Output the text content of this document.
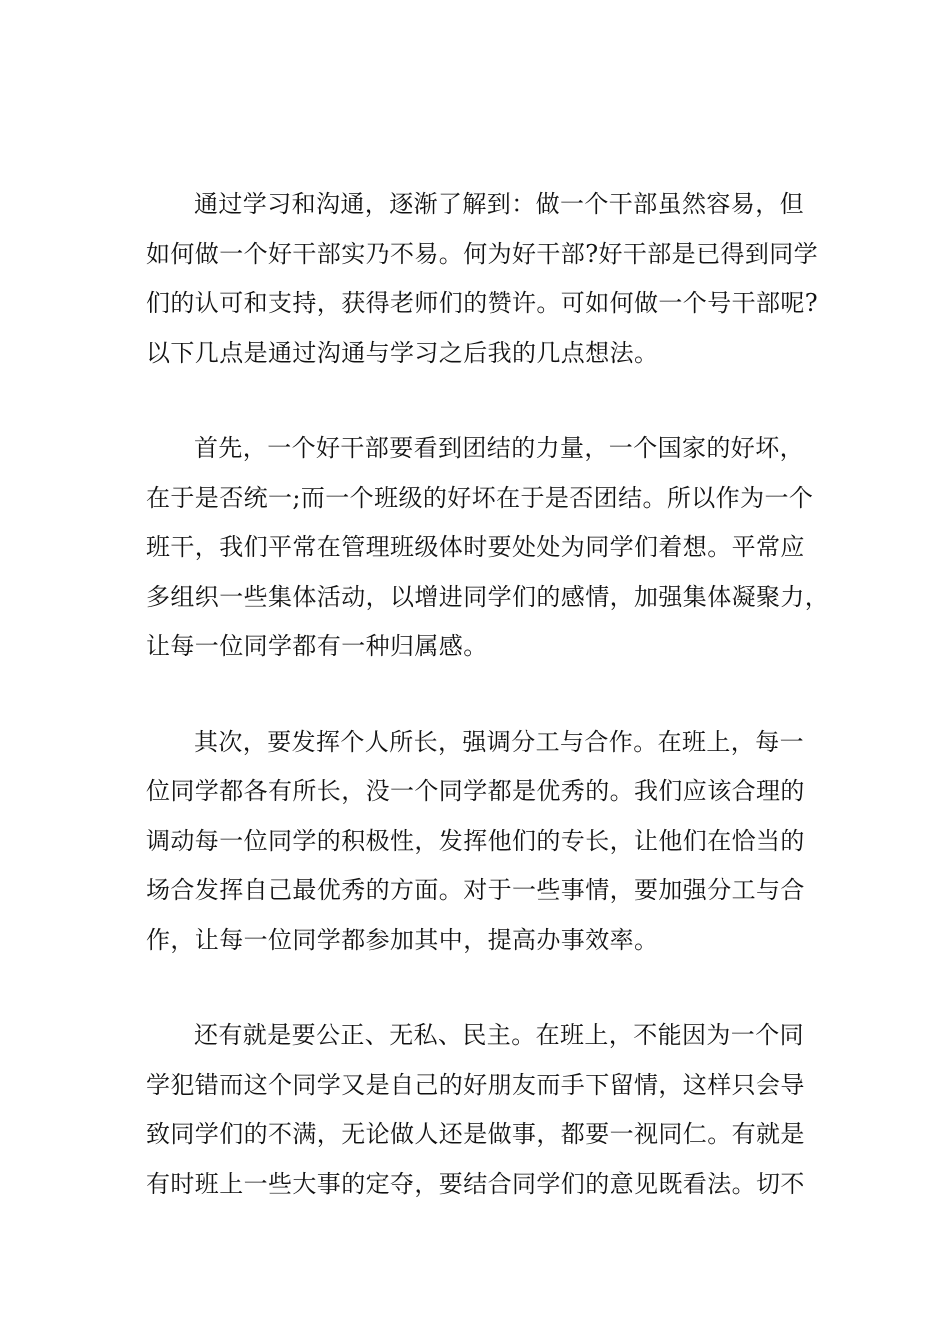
通过学习和沟通，逐渐了解到：做一个干部虽然容易，但
如何做一个好干部实乃不易。何为好干部?好干部是已得到同学
们的认可和支持，获得老师们的赞许。可如何做一个号干部呢?
以下几点是通过沟通与学习之后我的几点想法。
首先，一个好干部要看到团结的力量，一个国家的好坏，
在于是否统一;而一个班级的好坏在于是否团结。所以作为一个
班干，我们平常在管理班级体时要处处为同学们着想。平常应
多组织一些集体活动，以增进同学们的感情，加强集体凝聚力，
让每一位同学都有一种归属感。
其次，要发挥个人所长，强调分工与合作。在班上，每一
位同学都各有所长，没一个同学都是优秀的。我们应该合理的
调动每一位同学的积极性，发挥他们的专长，让他们在恰当的
场合发挥自己最优秀的方面。对于一些事情，要加强分工与合
作，让每一位同学都参加其中，提高办事效率。
还有就是要公正、无私、民主。在班上，不能因为一个同
学犯错而这个同学又是自己的好朋友而手下留情，这样只会导
致同学们的不满，无论做人还是做事，都要一视同仁。有就是
有时班上一些大事的定夺，要结合同学们的意见既看法。切不
